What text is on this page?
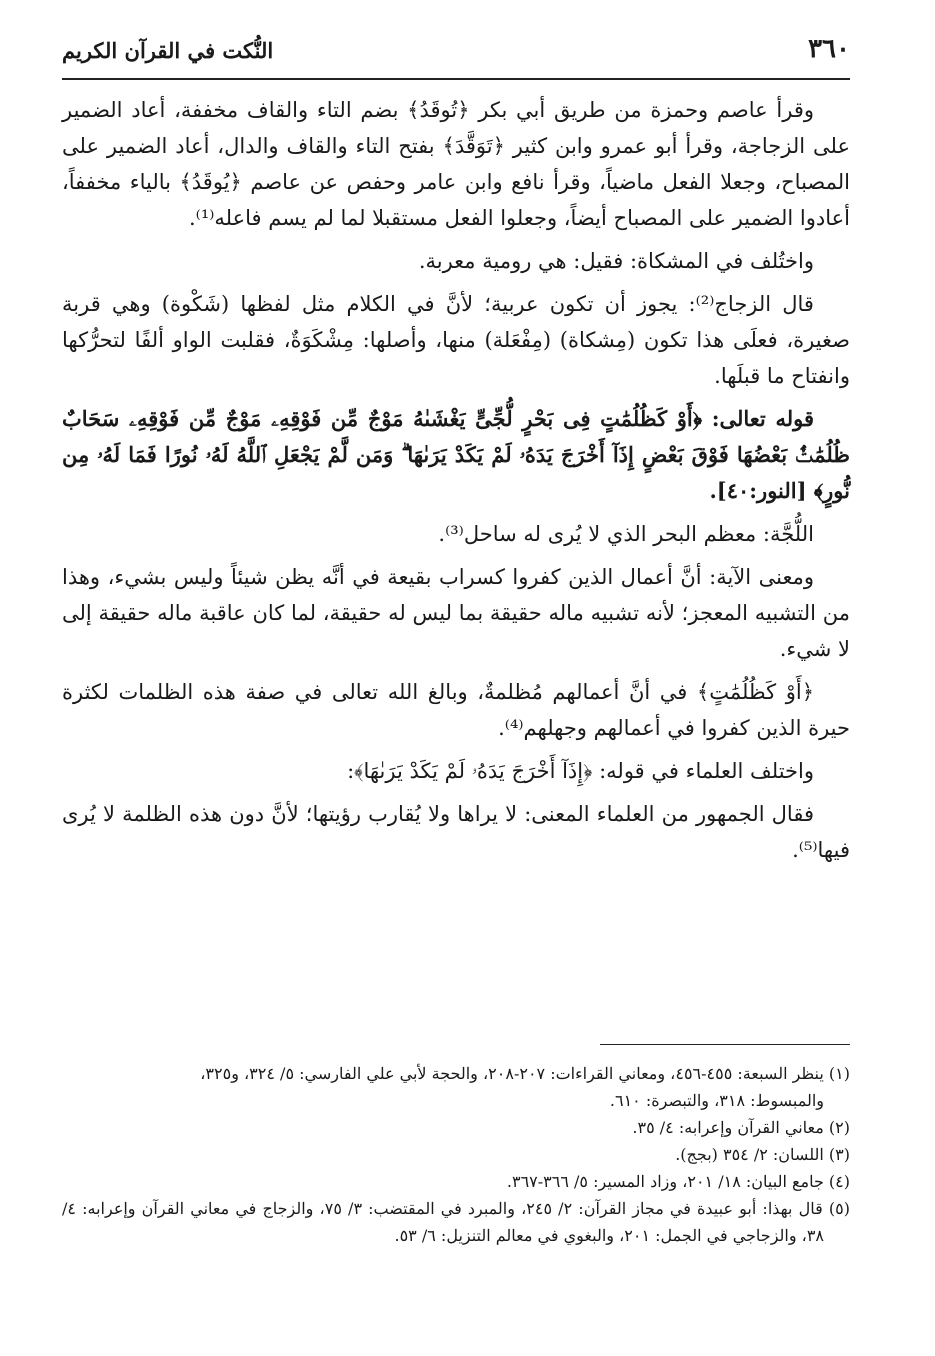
٣٦٠
النُّكت في القرآن الكريم

وقرأ عاصم وحمزة من طريق أبي بكر ﴿تُوقَدُ﴾ بضم التاء والقاف مخففة، أعاد الضمير على الزجاجة، وقرأ أبو عمرو وابن كثير ﴿تَوَقَّدَ﴾ بفتح التاء والقاف والدال، أعاد الضمير على المصباح، وجعلا الفعل ماضياً، وقرأ نافع وابن عامر وحفص عن عاصم ﴿يُوقَدُ﴾ بالياء مخففاً، أعادوا الضمير على المصباح أيضاً، وجعلوا الفعل مستقبلا لما لم يسم فاعله⁽¹⁾.

واختُلف في المشكاة: فقيل: هي رومية معربة.

قال الزجاج⁽²⁾: يجوز أن تكون عربية؛ لأنَّ في الكلام مثل لفظها (شَكْوة) وهي قربة صغيرة، فعلَى هذا تكون (مِشكاة) (مِفْعَلة) منها، وأصلها: مِشْكَوَةٌ، فقلبت الواو ألفًا لتحرُّكها وانفتاح ما قبلَها.

قوله تعالى: ﴿أَوْ كَظُلُمَٰتٍ فِى بَحْرٍ لُّجِّىٍّ يَغْشَىٰهُ مَوْجٌ مِّن فَوْقِهِۦ مَوْجٌ مِّن فَوْقِهِۦ سَحَابٌ ظُلُمَٰتٌۢ بَعْضُهَا فَوْقَ بَعْضٍ إِذَآ أَخْرَجَ يَدَهُۥ لَمْ يَكَدْ يَرَىٰهَا ۗ وَمَن لَّمْ يَجْعَلِ ٱللَّهُ لَهُۥ نُورًا فَمَا لَهُۥ مِن نُّورٍ﴾ [النور:٤٠].

اللُّجَّة: معظم البحر الذي لا يُرى له ساحل⁽³⁾.

ومعنى الآية: أنَّ أعمال الذين كفروا كسراب بقيعة في أنَّه يظن شيئاً وليس بشيء، وهذا من التشبيه المعجز؛ لأنه تشبيه ماله حقيقة بما ليس له حقيقة، لما كان عاقبة ماله حقيقة إلى لا شيء.

﴿أَوْ كَظُلُمَٰتٍ﴾ في أنَّ أعمالهم مُظلمةٌ، وبالغ الله تعالى في صفة هذه الظلمات لكثرة حيرة الذين كفروا في أعمالهم وجهلهم⁽⁴⁾.

واختلف العلماء في قوله: ﴿إِذَآ أَخْرَجَ يَدَهُۥ لَمْ يَكَدْ يَرَىٰهَا﴾:

فقال الجمهور من العلماء المعنى: لا يراها ولا يُقارب رؤيتها؛ لأنَّ دون هذه الظلمة لا يُرى فيها⁽⁵⁾.

(١) ينظر السبعة: ٤٥٥-٤٥٦، ومعاني القراءات: ٢٠٧-٢٠٨، والحجة لأبي علي الفارسي: ٥/ ٣٢٤، و٣٢٥،

والمبسوط: ٣١٨، والتبصرة: ٦١٠.

(٢) معاني القرآن وإعرابه: ٤/ ٣٥.

(٣) اللسان: ٢/ ٣٥٤ (بجج).

(٤) جامع البيان: ١٨/ ٢٠١، وزاد المسير: ٥/ ٣٦٦-٣٦٧.

(٥) قال بهذا: أبو عبيدة في مجاز القرآن: ٢/ ٢٤٥، والمبرد في المقتضب: ٣/ ٧٥، والزجاج في معاني القرآن وإعرابه: ٤/ ٣٨، والزجاجي في الجمل: ٢٠١، والبغوي في معالم التنزيل: ٦/ ٥٣.
